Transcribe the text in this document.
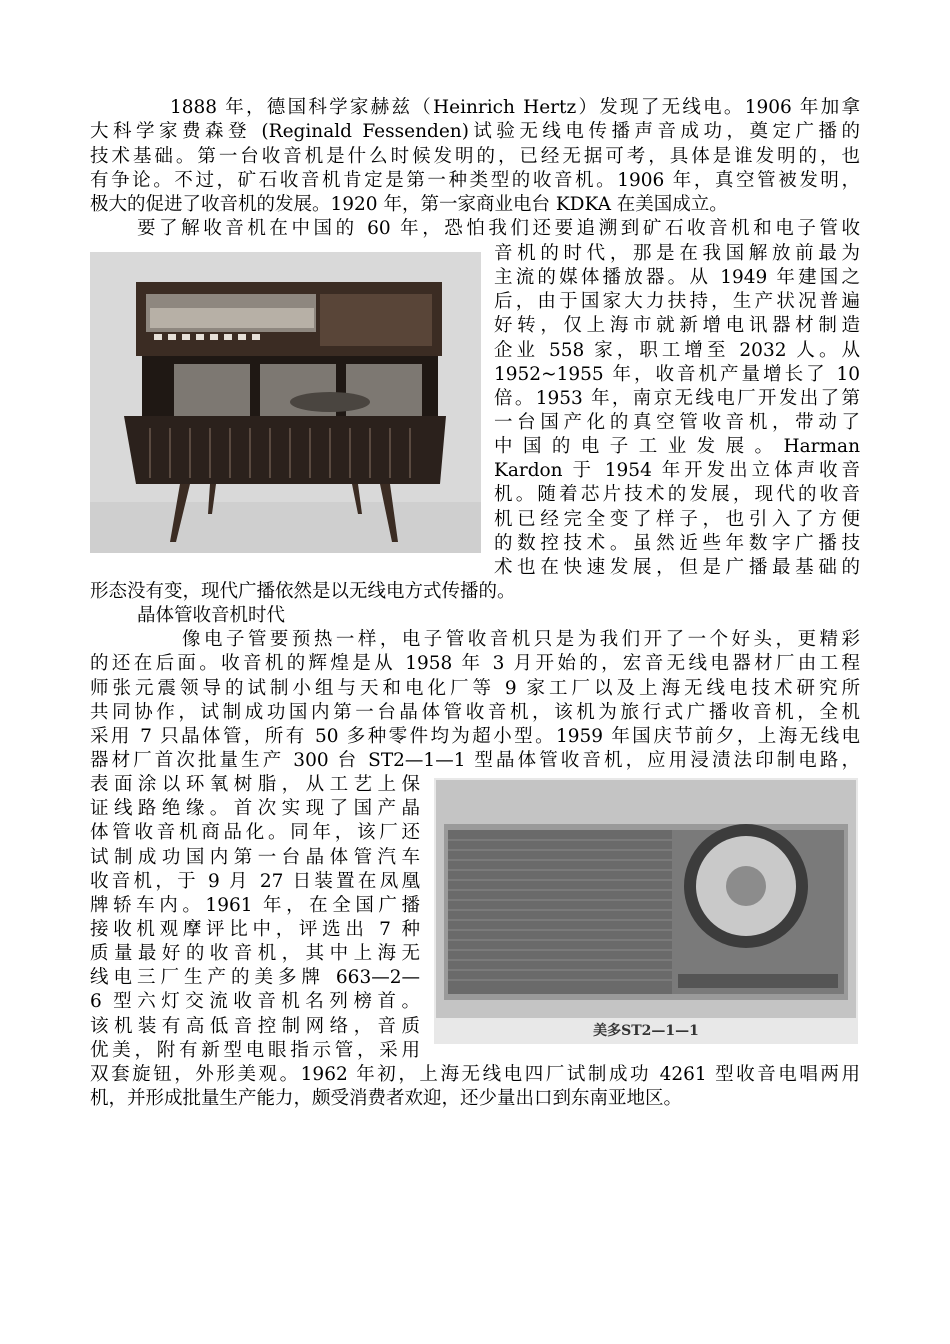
1888 年，德国科学家赫兹（Heinrich Hertz）发现了无线电。1906 年加拿
大科学家费森登 (Reginald Fessenden)试验无线电传播声音成功，奠定广播的
技术基础。第一台收音机是什么时候发明的，已经无据可考，具体是谁发明的，也
有争论。不过，矿石收音机肯定是第一种类型的收音机。1906 年，真空管被发明，
极大的促进了收音机的发展。1920 年，第一家商业电台 KDKA 在美国成立。
要了解收音机在中国的 60 年，恐怕我们还要追溯到矿石收音机和电子管收
音机的时代，那是在我国解放前最为
主流的媒体播放器。从 1949 年建国之
后，由于国家大力扶持，生产状况普遍
好转，仅上海市就新增电讯器材制造
企业 558 家，职工增至 2032 人。从
1952~1955 年，收音机产量增长了 10
倍。1953 年，南京无线电厂开发出了第
一台国产化的真空管收音机，带动了
中 国 的 电 子 工 业 发 展 。 Harman
Kardon 于 1954 年开发出立体声收音
机。随着芯片技术的发展，现代的收音
机已经完全变了样子，也引入了方便
的数控技术。虽然近些年数字广播技
术也在快速发展，但是广播最基础的
形态没有变，现代广播依然是以无线电方式传播的。
晶体管收音机时代
像电子管要预热一样，电子管收音机只是为我们开了一个好头，更精彩
的还在后面。收音机的辉煌是从 1958 年 3 月开始的，宏音无线电器材厂由工程
师张元震领导的试制小组与天和电化厂等 9 家工厂以及上海无线电技术研究所
共同协作，试制成功国内第一台晶体管收音机，该机为旅行式广播收音机，全机
采用 7 只晶体管，所有 50 多种零件均为超小型。1959 年国庆节前夕，上海无线电
器材厂首次批量生产 300 台 ST2—1—1 型晶体管收音机，应用浸渍法印制电路，
表面涂以环氧树脂，从工艺上保
证线路绝缘。首次实现了国产晶
体管收音机商品化。同年，该厂还
试制成功国内第一台晶体管汽车
收音机，于 9 月 27 日装置在凤凰
牌轿车内。1961 年，在全国广播
接收机观摩评比中，评选出 7 种
质量最好的收音机，其中上海无
线电三厂生产的美多牌 663—2—
6 型六灯交流收音机名列榜首。
该机装有高低音控制网络，音质
优美，附有新型电眼指示管，采用
美多ST2—1—1
双套旋钮，外形美观。1962 年初，上海无线电四厂试制成功 4261 型收音电唱两用
机，并形成批量生产能力，颇受消费者欢迎，还少量出口到东南亚地区。
